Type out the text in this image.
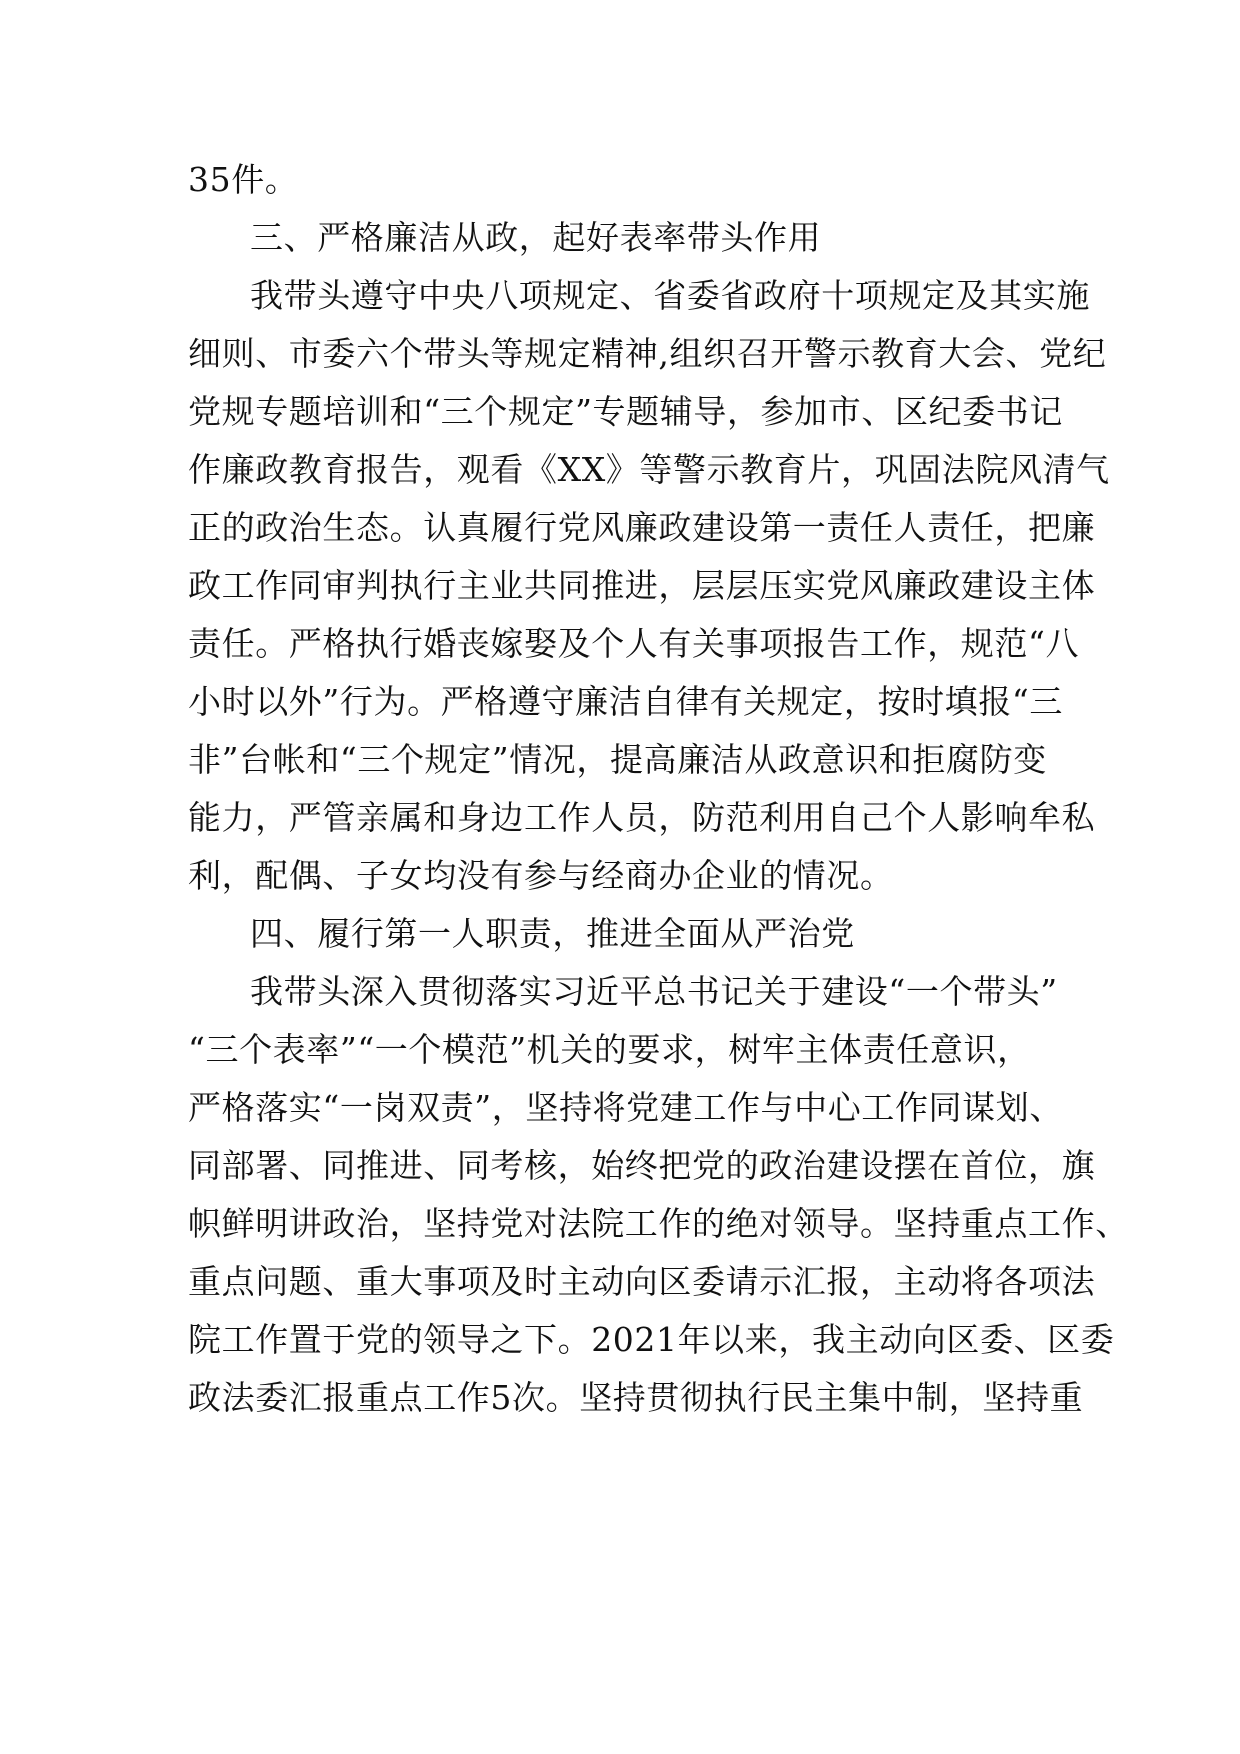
35件。
三、严格廉洁从政，起好表率带头作用
我带头遵守中央八项规定、省委省政府十项规定及其实施
细则、市委六个带头等规定精神,组织召开警示教育大会、党纪
党规专题培训和“三个规定”专题辅导，参加市、区纪委书记
作廉政教育报告，观看《XX》等警示教育片，巩固法院风清气
正的政治生态。认真履行党风廉政建设第一责任人责任，把廉
政工作同审判执行主业共同推进，层层压实党风廉政建设主体
责任。严格执行婚丧嫁娶及个人有关事项报告工作，规范“八
小时以外”行为。严格遵守廉洁自律有关规定，按时填报“三
非”台帐和“三个规定”情况，提高廉洁从政意识和拒腐防变
能力，严管亲属和身边工作人员，防范利用自己个人影响牟私
利，配偶、子女均没有参与经商办企业的情况。
四、履行第一人职责，推进全面从严治党
我带头深入贯彻落实习近平总书记关于建设“一个带头”
“三个表率”“一个模范”机关的要求，树牢主体责任意识，
严格落实“一岗双责”，坚持将党建工作与中心工作同谋划、
同部署、同推进、同考核，始终把党的政治建设摆在首位，旗
帜鲜明讲政治，坚持党对法院工作的绝对领导。坚持重点工作、
重点问题、重大事项及时主动向区委请示汇报，主动将各项法
院工作置于党的领导之下。2021年以来，我主动向区委、区委
政法委汇报重点工作5次。坚持贯彻执行民主集中制，坚持重
